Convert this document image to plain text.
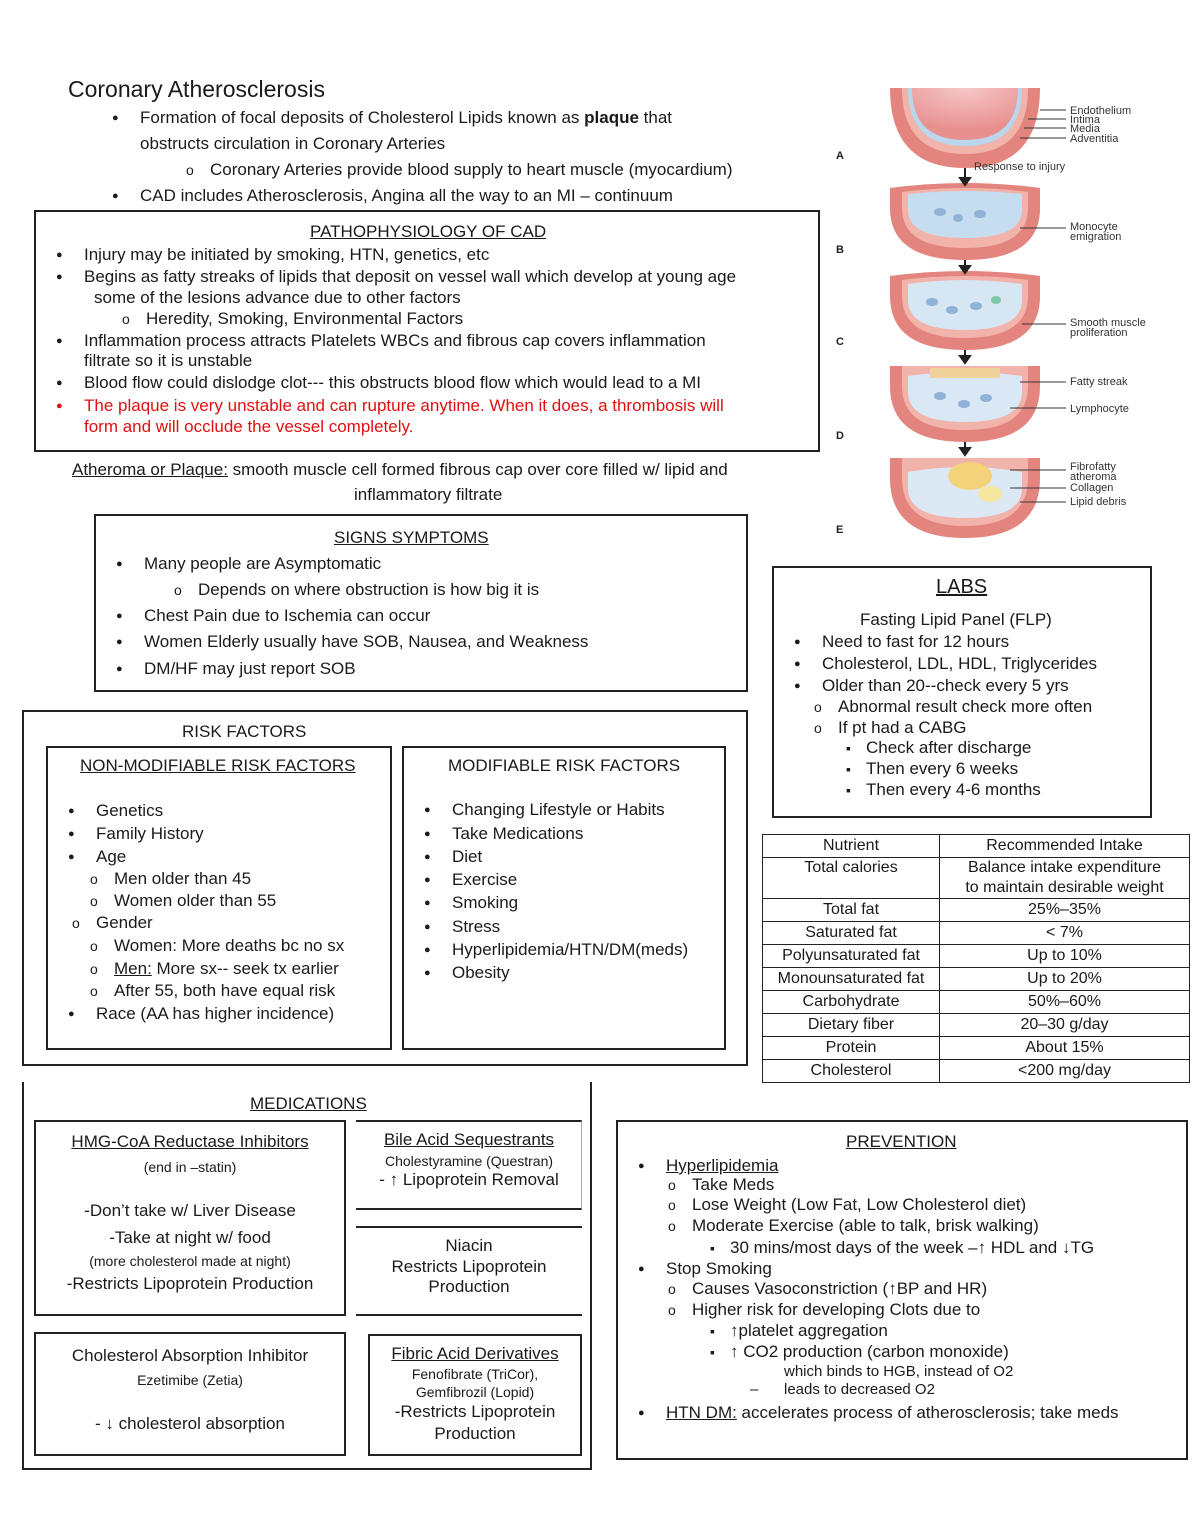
Coronary Atherosclerosis
● Formation of focal deposits of Cholesterol Lipids known as plaque that
obstructs circulation in Coronary Arteries
o Coronary Arteries provide blood supply to heart muscle (myocardium)
● CAD includes Atherosclerosis, Angina all the way to an MI – continuum
PATHOPHYSIOLOGY OF CAD
● Injury may be initiated by smoking, HTN, genetics, etc
● Begins as fatty streaks of lipids that deposit on vessel wall which develop at young age
some of the lesions advance due to other factors
o Heredity, Smoking, Environmental Factors
● Inflammation process attracts Platelets WBCs and fibrous cap covers inflammation
filtrate so it is unstable
● Blood flow could dislodge clot--- this obstructs blood flow which would lead to a MI
● The plaque is very unstable and can rupture anytime. When it does, a thrombosis will
form and will occlude the vessel completely.
Atheroma or Plaque: smooth muscle cell formed fibrous cap over core filled w/ lipid and
inflammatory filtrate
Endothelium
Intima
Media
Adventitia
Response to injury
Monocyte
emigration
Smooth muscle
proliferation
Fatty streak
Lymphocyte
Fibrofatty
atheroma
Collagen
Lipid debris
A
B
C
D
E
SIGNS SYMPTOMS
● Many people are Asymptomatic
o Depends on where obstruction is how big it is
● Chest Pain due to Ischemia can occur
● Women Elderly usually have SOB, Nausea, and Weakness
● DM/HF may just report SOB
LABS
Fasting Lipid Panel (FLP)
● Need to fast for 12 hours
● Cholesterol, LDL, HDL, Triglycerides
● Older than 20--check every 5 yrs
o Abnormal result check more often
o If pt had a CABG
▪ Check after discharge
▪ Then every 6 weeks
▪ Then every 4-6 months
RISK FACTORS
NON-MODIFIABLE RISK FACTORS
● Genetics
● Family History
● Age
o Men older than 45
o Women older than 55
o Gender
o Women: More deaths bc no sx
o Men: More sx-- seek tx earlier
o After 55, both have equal risk
● Race (AA has higher incidence)
MODIFIABLE RISK FACTORS
● Changing Lifestyle or Habits
● Take Medications
● Diet
● Exercise
● Smoking
● Stress
● Hyperlipidemia/HTN/DM(meds)
● Obesity
Nutrient	Recommended Intake
Total calories	Balance intake expenditure
to maintain desirable weight

Total fat	25%–35%
Saturated fat	< 7%
Polyunsaturated fat	Up to 10%
Monounsaturated fat	Up to 20%
Carbohydrate	50%–60%
Dietary fiber	20–30 g/day
Protein	About 15%
Cholesterol	<200 mg/day
MEDICATIONS
HMG-CoA Reductase Inhibitors
(end in –statin)
-Don’t take w/ Liver Disease
-Take at night w/ food
(more cholesterol made at night)
-Restricts Lipoprotein Production
Bile Acid Sequestrants
Cholestyramine (Questran)
- ↑ Lipoprotein Removal
Niacin
Restricts Lipoprotein
Production
Cholesterol Absorption Inhibitor
Ezetimibe (Zetia)
- ↓ cholesterol absorption
Fibric Acid Derivatives
Fenofibrate (TriCor),
Gemfibrozil (Lopid)
-Restricts Lipoprotein
Production
PREVENTION
● Hyperlipidemia
o Take Meds
o Lose Weight (Low Fat, Low Cholesterol diet)
o Moderate Exercise (able to talk, brisk walking)
▪ 30 mins/most days of the week –↑ HDL and ↓TG
● Stop Smoking
o Causes Vasoconstriction (↑BP and HR)
o Higher risk for developing Clots due to
▪ ↑platelet aggregation
▪ ↑ CO2 production (carbon monoxide)
which binds to HGB, instead of O2
– leads to decreased O2
● HTN DM: accelerates process of atherosclerosis; take meds
